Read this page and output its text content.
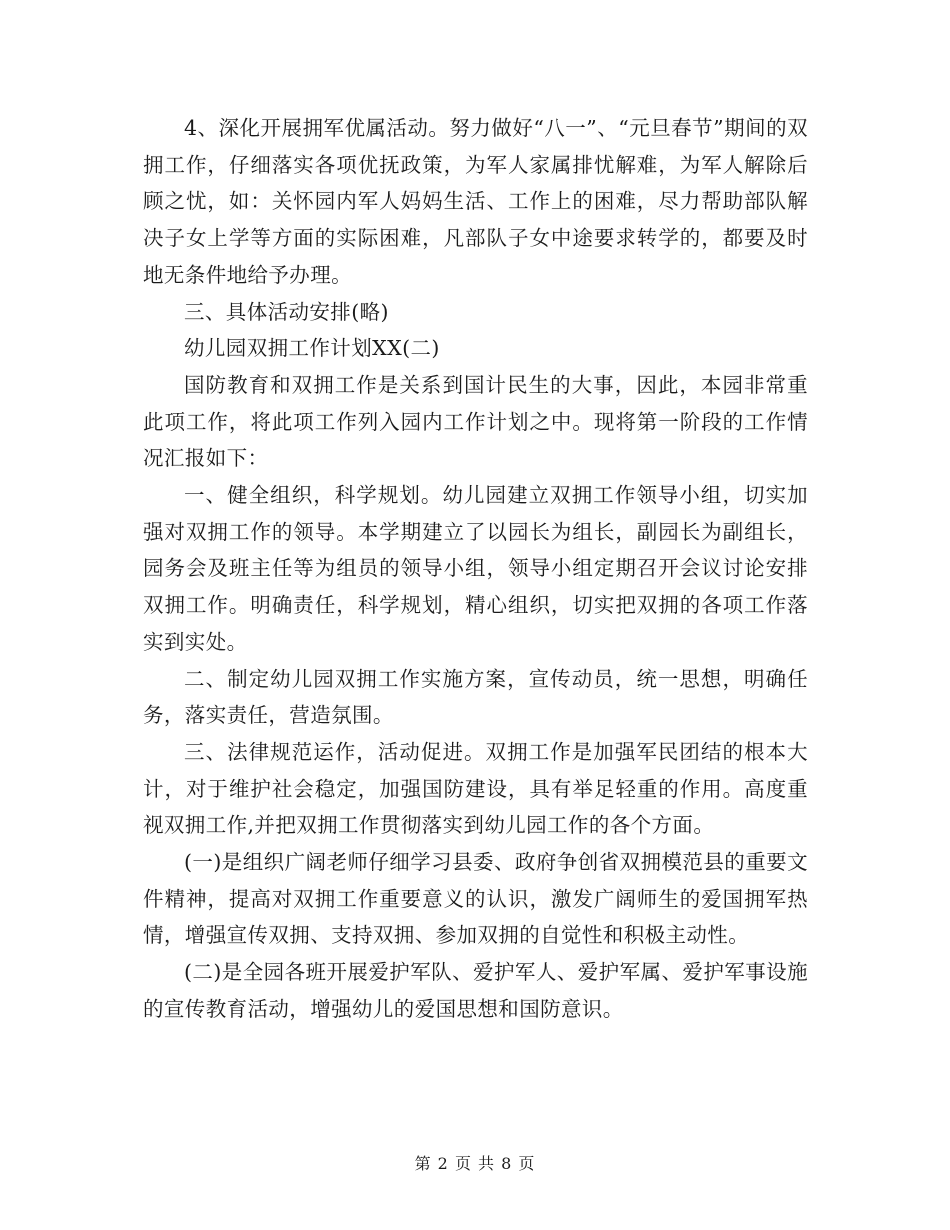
4、深化开展拥军优属活动。努力做好“八一”、“元旦春节”期间的双拥工作，仔细落实各项优抚政策，为军人家属排忧解难，为军人解除后顾之忧，如：关怀园内军人妈妈生活、工作上的困难，尽力帮助部队解决子女上学等方面的实际困难，凡部队子女中途要求转学的，都要及时地无条件地给予办理。

三、具体活动安排(略)

幼儿园双拥工作计划XX(二)

国防教育和双拥工作是关系到国计民生的大事，因此，本园非常重此项工作，将此项工作列入园内工作计划之中。现将第一阶段的工作情况汇报如下：

一、健全组织，科学规划。幼儿园建立双拥工作领导小组，切实加强对双拥工作的领导。本学期建立了以园长为组长，副园长为副组长，园务会及班主任等为组员的领导小组，领导小组定期召开会议讨论安排双拥工作。明确责任，科学规划，精心组织，切实把双拥的各项工作落实到实处。

二、制定幼儿园双拥工作实施方案，宣传动员，统一思想，明确任务，落实责任，营造氛围。

三、法律规范运作，活动促进。双拥工作是加强军民团结的根本大计，对于维护社会稳定，加强国防建设，具有举足轻重的作用。高度重视双拥工作,并把双拥工作贯彻落实到幼儿园工作的各个方面。

(一)是组织广阔老师仔细学习县委、政府争创省双拥模范县的重要文件精神，提高对双拥工作重要意义的认识，激发广阔师生的爱国拥军热情，增强宣传双拥、支持双拥、参加双拥的自觉性和积极主动性。

(二)是全园各班开展爱护军队、爱护军人、爱护军属、爱护军事设施的宣传教育活动，增强幼儿的爱国思想和国防意识。

第 2 页 共 8 页
